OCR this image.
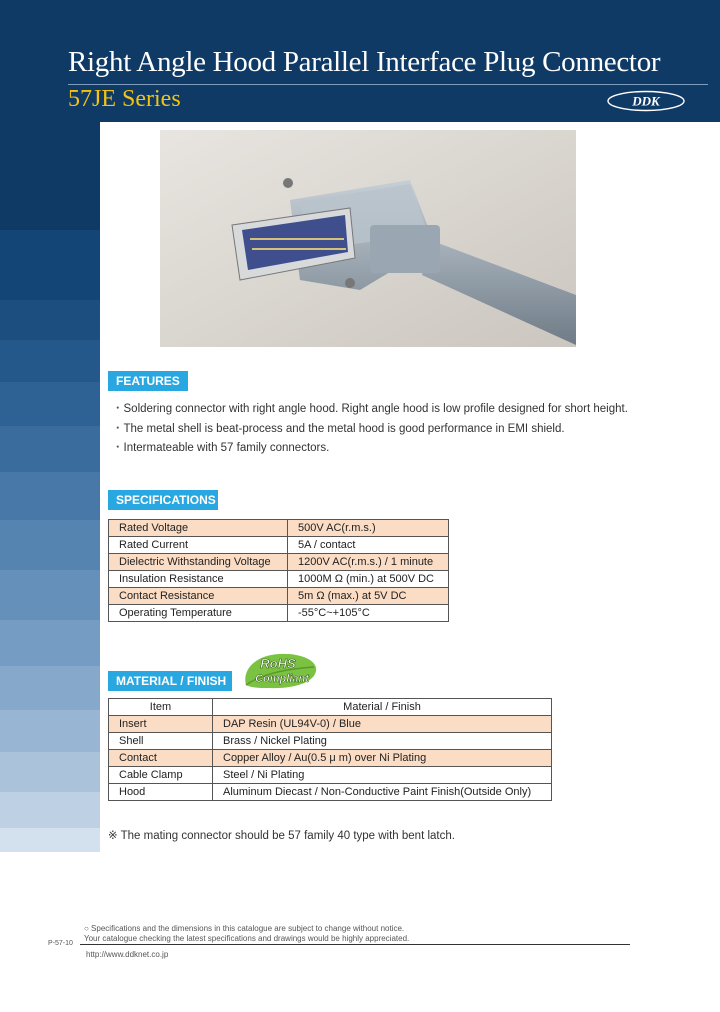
Right Angle Hood Parallel Interface Plug Connector
57JE Series	DDK
FEATURES
・ Soldering connector with right angle hood. Right angle hood is low profile designed for short height.
・ The metal shell is beat-process and the metal hood is good performance in EMI shield.
・ Intermateable with 57 family connectors.
SPECIFICATIONS
Rated Voltage	500V AC(r.m.s.)
Rated Current	5A / contact
Dielectric Withstanding Voltage	1200V AC(r.m.s.) / 1 minute
Insulation Resistance	1000M Ω (min.) at 500V DC
Contact Resistance	5m Ω (max.) at 5V DC
Operating Temperature	-55°C~+105°C
MATERIAL / FINISH
RoHS
Compliant
Item	Material / Finish
Insert	DAP Resin (UL94V-0) / Blue
Shell	Brass / Nickel Plating
Contact	Copper Alloy / Au(0.5 μ m) over Ni Plating
Cable Clamp	Steel / Ni Plating
Hood	Aluminum Diecast / Non-Conductive Paint Finish(Outside Only)
※ The mating connector should be 57 family 40 type with bent latch.
○ Specifications and the dimensions in this catalogue are subject to change without notice.
Your catalogue checking the latest specifications and drawings would be highly appreciated.
P-57-10
http://www.ddknet.co.jp
